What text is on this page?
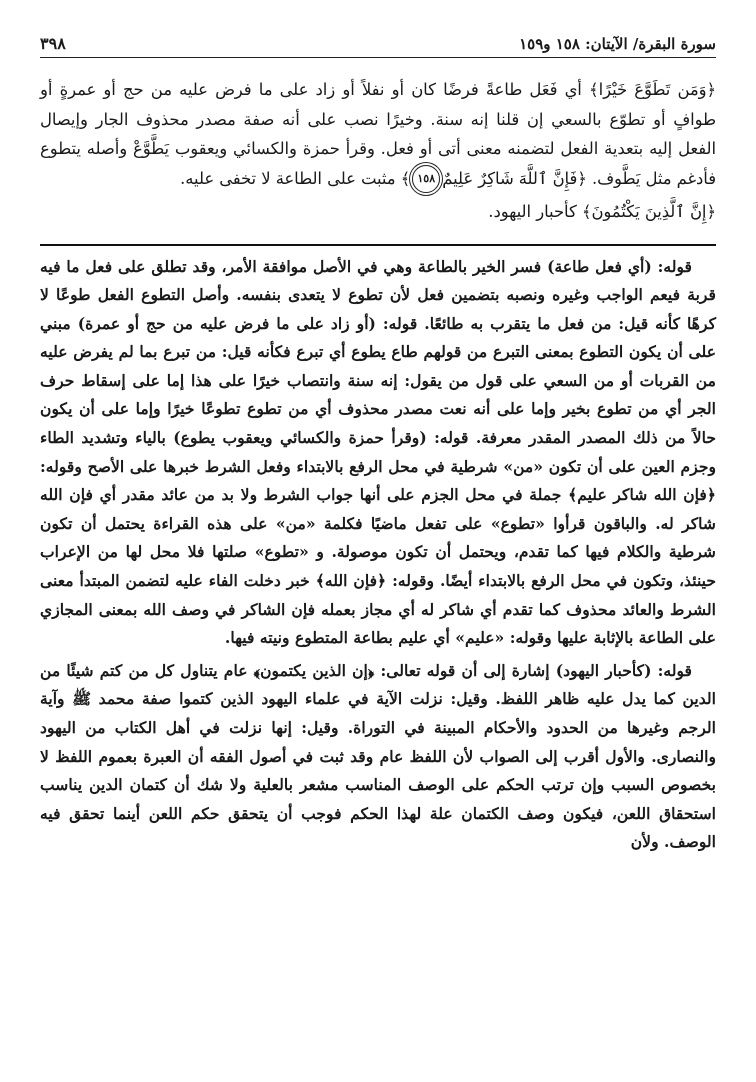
سورة البقرة/ الآيتان: ١٥٨ و١٥٩
٣٩٨

﴿وَمَن تَطَوَّعَ خَيْرًا﴾ أي فَعَل طاعةً فرضًا كان أو نفلاً أو زاد على ما فرض عليه من حج أو عمرةٍ أو طوافٍ أو تطوّع بالسعي إن قلنا إنه سنة. وخيرًا نصب على أنه صفة مصدر محذوف الجار وإيصال الفعل إليه بتعدية الفعل لتضمنه معنى أتى أو فعل. وقرأ حمزة والكسائي ويعقوب يَطَّوَّعْ وأصله يتطوع فأدغم مثل يَطَّوف. ﴿فَإِنَّ ٱللَّهَ شَاكِرٌ عَلِيمٌ١٥٨﴾ مثبت على الطاعة لا تخفى عليه.

﴿إِنَّ ٱلَّذِينَ يَكْتُمُونَ﴾ كأحبار اليهود.

قوله: (أي فعل طاعة) فسر الخير بالطاعة وهي في الأصل موافقة الأمر، وقد تطلق على فعل ما فيه قربة فيعم الواجب وغيره ونصبه بتضمين فعل لأن تطوع لا يتعدى بنفسه. وأصل التطوع الفعل طوعًا لا كرهًا كأنه قيل: من فعل ما يتقرب به طائعًا. قوله: (أو زاد على ما فرض عليه من حج أو عمرة) مبني على أن يكون التطوع بمعنى التبرع من قولهم طاع يطوع أي تبرع فكأنه قيل: من تبرع بما لم يفرض عليه من القربات أو من السعي على قول من يقول: إنه سنة وانتصاب خيرًا على هذا إما على إسقاط حرف الجر أي من تطوع بخير وإما على أنه نعت مصدر محذوف أي من تطوع تطوعًا خيرًا وإما على أن يكون حالاً من ذلك المصدر المقدر معرفة. قوله: (وقرأ حمزة والكسائي ويعقوب يطوع) بالياء وتشديد الطاء وجزم العين على أن تكون «من» شرطية في محل الرفع بالابتداء وفعل الشرط خبرها على الأصح وقوله: ﴿فإن الله شاكر عليم﴾ جملة في محل الجزم على أنها جواب الشرط ولا بد من عائد مقدر أي فإن الله شاكر له. والباقون قرأوا «تطوع» على تفعل ماضيًا فكلمة «من» على هذه القراءة يحتمل أن تكون شرطية والكلام فيها كما تقدم، ويحتمل أن تكون موصولة. و «تطوع» صلتها فلا محل لها من الإعراب حينئذ، وتكون في محل الرفع بالابتداء أيضًا. وقوله: ﴿فإن الله﴾ خبر دخلت الفاء عليه لتضمن المبتدأ معنى الشرط والعائد محذوف كما تقدم أي شاكر له أي مجاز بعمله فإن الشاكر في وصف الله بمعنى المجازي على الطاعة بالإثابة عليها وقوله: «عليم» أي عليم بطاعة المتطوع ونيته فيها.

قوله: (كأحبار اليهود) إشارة إلى أن قوله تعالى: ﴿إن الذين يكتمون﴾ عام يتناول كل من كتم شيئًا من الدين كما يدل عليه ظاهر اللفظ. وقيل: نزلت الآية في علماء اليهود الذين كتموا صفة محمد ﷺ وآية الرجم وغيرها من الحدود والأحكام المبينة في التوراة. وقيل: إنها نزلت في أهل الكتاب من اليهود والنصارى. والأول أقرب إلى الصواب لأن اللفظ عام وقد ثبت في أصول الفقه أن العبرة بعموم اللفظ لا بخصوص السبب وإن ترتب الحكم على الوصف المناسب مشعر بالعلية ولا شك أن كتمان الدين يناسب استحقاق اللعن، فيكون وصف الكتمان علة لهذا الحكم فوجب أن يتحقق حكم اللعن أينما تحقق فيه الوصف. ولأن
